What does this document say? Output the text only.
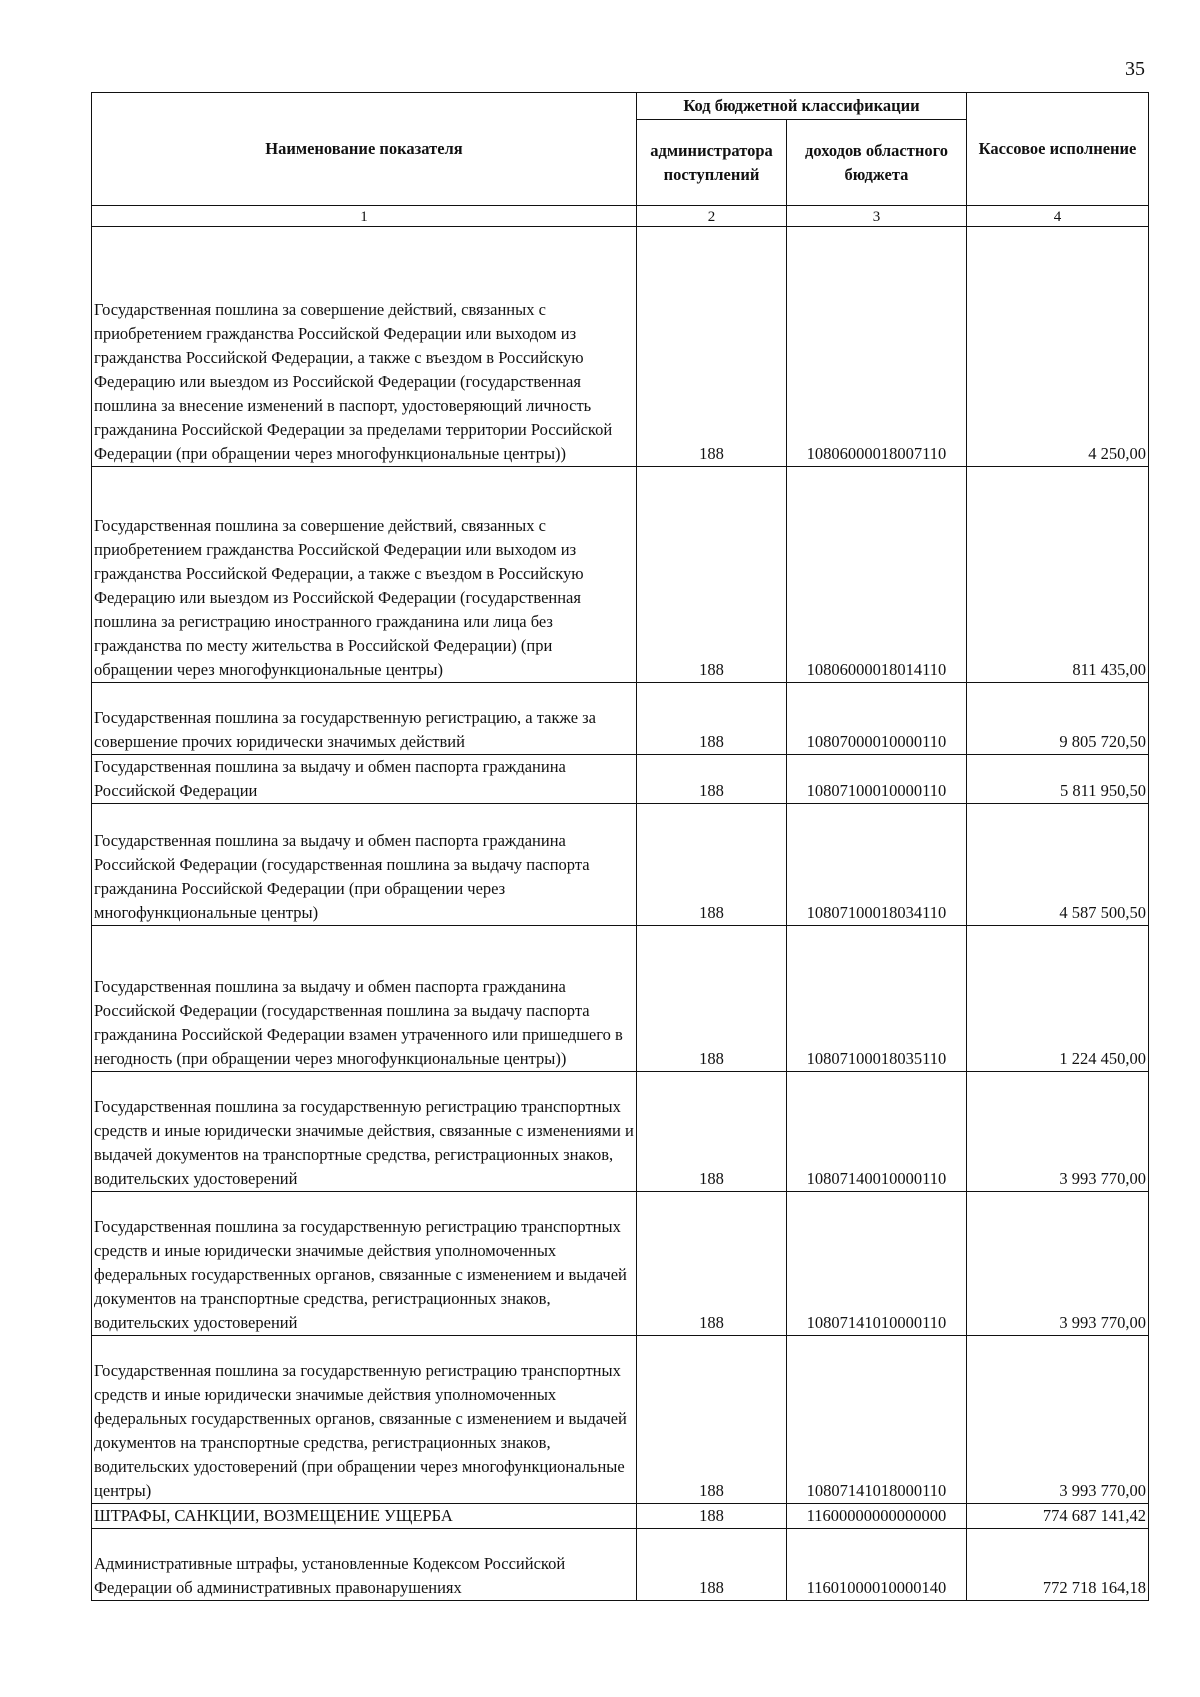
35
Наименование показателя	Код бюджетной классификации		Кассовое исполнение
	администратора поступлений	доходов областного бюджета	
1	2	3	4
Государственная пошлина за совершение действий, связанных с приобретением гражданства Российской Федерации или выходом из гражданства Российской Федерации, а также с въездом в Российскую Федерацию или выездом из Российской Федерации (государственная пошлина за внесение изменений в паспорт, удостоверяющий личность гражданина Российской Федерации за пределами территории Российской Федерации (при обращении через многофункциональные центры))	188	10806000018007110	4 250,00
Государственная пошлина за совершение действий, связанных с приобретением гражданства Российской Федерации или выходом из гражданства Российской Федерации, а также с въездом в Российскую Федерацию или выездом из Российской Федерации (государственная пошлина за регистрацию иностранного гражданина или лица без гражданства по месту жительства в Российской Федерации) (при обращении через многофункциональные центры)	188	10806000018014110	811 435,00
Государственная пошлина за государственную регистрацию, а также за совершение прочих юридически значимых действий	188	10807000010000110	9 805 720,50
Государственная пошлина за выдачу и обмен паспорта гражданина Российской Федерации	188	10807100010000110	5 811 950,50
Государственная пошлина за выдачу и обмен паспорта гражданина Российской Федерации (государственная пошлина за выдачу паспорта гражданина Российской Федерации (при обращении через многофункциональные центры)	188	10807100018034110	4 587 500,50
Государственная пошлина за выдачу и обмен паспорта гражданина Российской Федерации (государственная пошлина за выдачу паспорта гражданина Российской Федерации взамен утраченного или пришедшего в негодность (при обращении через многофункциональные центры))	188	10807100018035110	1 224 450,00
Государственная пошлина за государственную регистрацию транспортных средств и иные юридически значимые действия, связанные с изменениями и выдачей документов на транспортные средства, регистрационных знаков, водительских удостоверений	188	10807140010000110	3 993 770,00
Государственная пошлина за государственную регистрацию транспортных средств и иные юридически значимые действия уполномоченных федеральных государственных органов, связанные с изменением и выдачей документов на транспортные средства, регистрационных знаков, водительских удостоверений	188	10807141010000110	3 993 770,00
Государственная пошлина за государственную регистрацию транспортных средств и иные юридически значимые действия уполномоченных федеральных государственных органов, связанные с изменением и выдачей документов на транспортные средства, регистрационных знаков, водительских удостоверений (при обращении через многофункциональные центры)	188	10807141018000110	3 993 770,00
ШТРАФЫ, САНКЦИИ, ВОЗМЕЩЕНИЕ УЩЕРБА	188	11600000000000000	774 687 141,42
Административные штрафы, установленные Кодексом Российской Федерации об административных правонарушениях	188	11601000010000140	772 718 164,18
